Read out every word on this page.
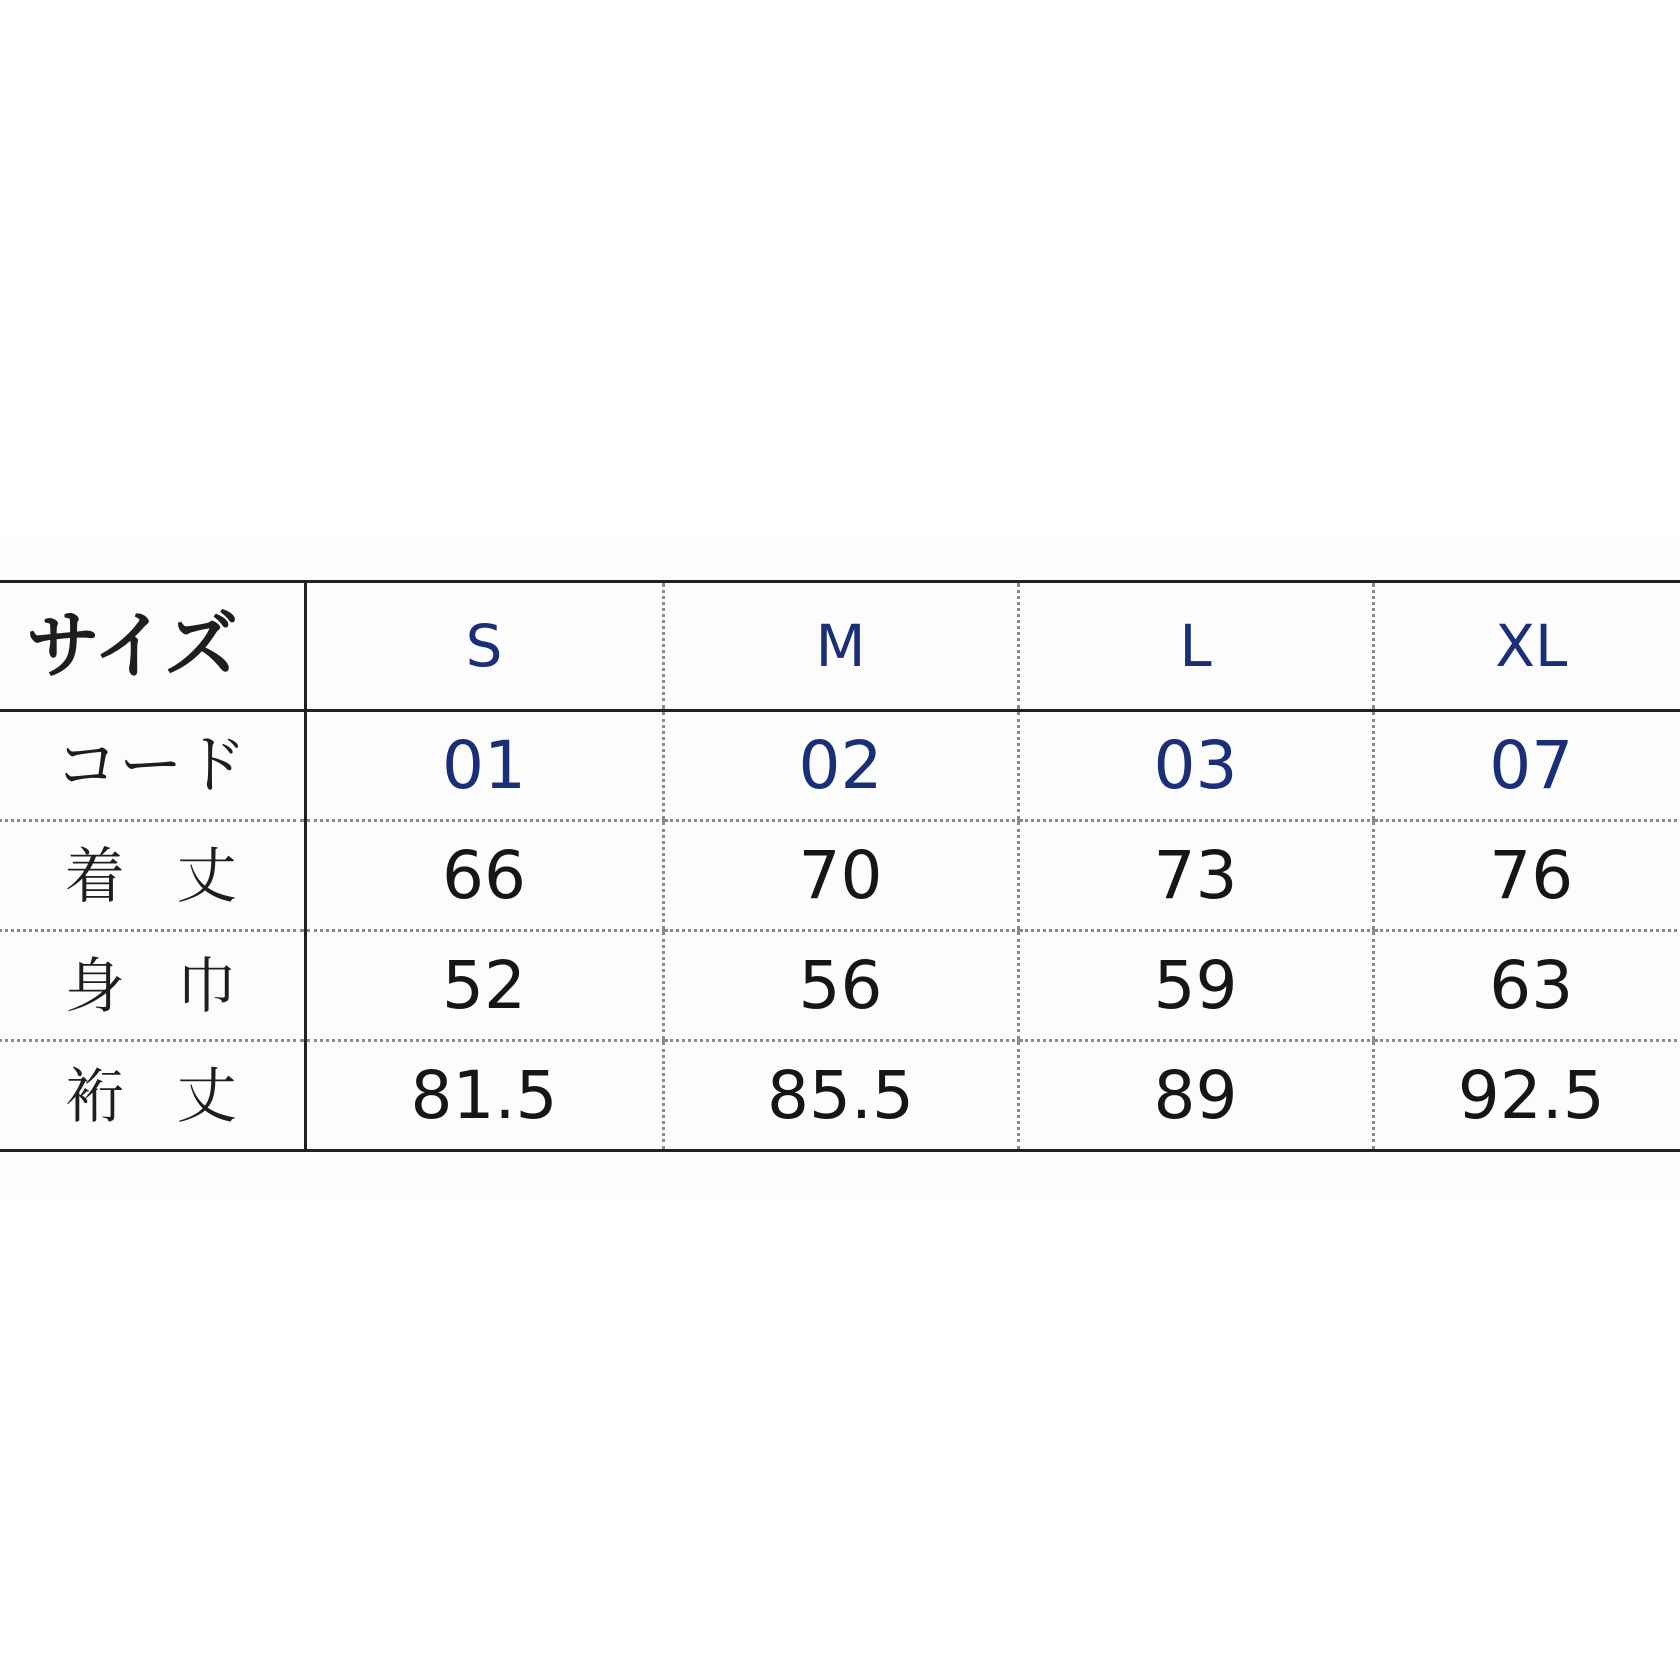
サイズ	S	M	L	XL
コード	01	02	03	07
着丈	66	70	73	76
身巾	52	56	59	63
裄丈	81.5	85.5	89	92.5
